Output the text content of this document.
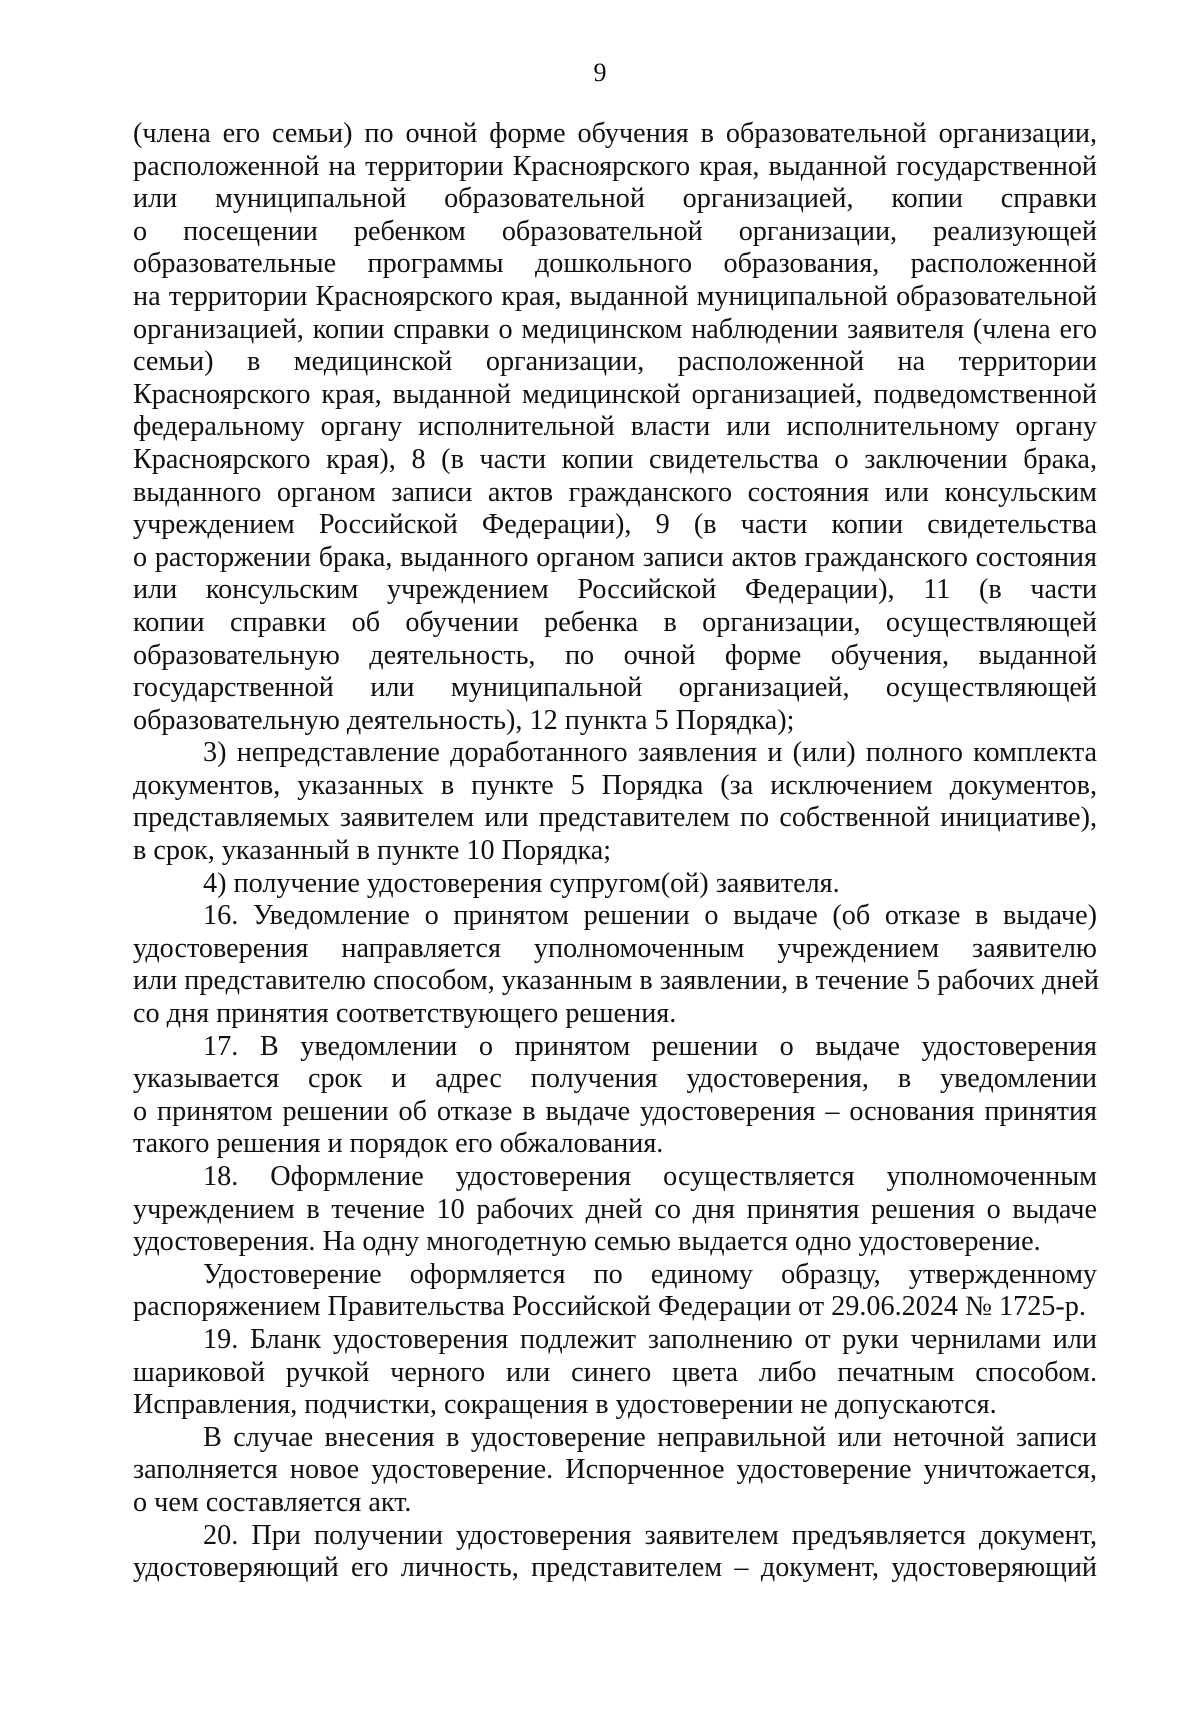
9
(члена его семьи) по очной форме обучения в образовательной организации,
расположенной на территории Красноярского края, выданной государственной
или муниципальной образовательной организацией, копии справки
о посещении ребенком образовательной организации, реализующей
образовательные программы дошкольного образования, расположенной
на территории Красноярского края, выданной муниципальной образовательной
организацией, копии справки о медицинском наблюдении заявителя (члена его
семьи) в медицинской организации, расположенной на территории
Красноярского края, выданной медицинской организацией, подведомственной
федеральному органу исполнительной власти или исполнительному органу
Красноярского края), 8 (в части копии свидетельства о заключении брака,
выданного органом записи актов гражданского состояния или консульским
учреждением Российской Федерации), 9 (в части копии свидетельства
о расторжении брака, выданного органом записи актов гражданского состояния
или консульским учреждением Российской Федерации), 11 (в части
копии справки об обучении ребенка в организации, осуществляющей
образовательную деятельность, по очной форме обучения, выданной
государственной или муниципальной организацией, осуществляющей
образовательную деятельность), 12 пункта 5 Порядка);
3) непредставление доработанного заявления и (или) полного комплекта
документов, указанных в пункте 5 Порядка (за исключением документов,
представляемых заявителем или представителем по собственной инициативе),
в срок, указанный в пункте 10 Порядка;
4) получение удостоверения супругом(ой) заявителя.
16. Уведомление о принятом решении о выдаче (об отказе в выдаче)
удостоверения направляется уполномоченным учреждением заявителю
или представителю способом, указанным в заявлении, в течение 5 рабочих дней
со дня принятия соответствующего решения.
17. В уведомлении о принятом решении о выдаче удостоверения
указывается срок и адрес получения удостоверения, в уведомлении
о принятом решении об отказе в выдаче удостоверения – основания принятия
такого решения и порядок его обжалования.
18. Оформление удостоверения осуществляется уполномоченным
учреждением в течение 10 рабочих дней со дня принятия решения о выдаче
удостоверения. На одну многодетную семью выдается одно удостоверение.
Удостоверение оформляется по единому образцу, утвержденному
распоряжением Правительства Российской Федерации от 29.06.2024 № 1725-р.
19. Бланк удостоверения подлежит заполнению от руки чернилами или
шариковой ручкой черного или синего цвета либо печатным способом.
Исправления, подчистки, сокращения в удостоверении не допускаются.
В случае внесения в удостоверение неправильной или неточной записи
заполняется новое удостоверение. Испорченное удостоверение уничтожается,
о чем составляется акт.
20. При получении удостоверения заявителем предъявляется документ,
удостоверяющий его личность, представителем – документ, удостоверяющий
